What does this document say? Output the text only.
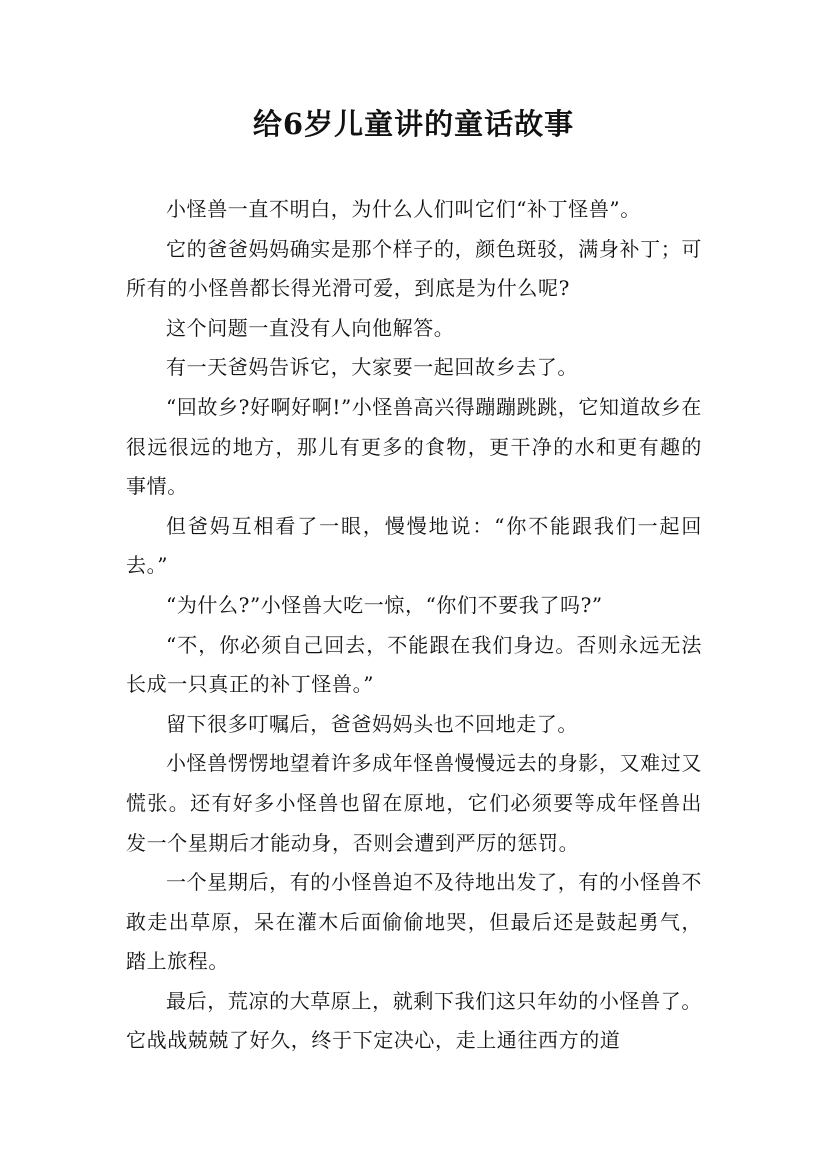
给6岁儿童讲的童话故事

小怪兽一直不明白，为什么人们叫它们“补丁怪兽”。

它的爸爸妈妈确实是那个样子的，颜色斑驳，满身补丁；可所有的小怪兽都长得光滑可爱，到底是为什么呢?

这个问题一直没有人向他解答。

有一天爸妈告诉它，大家要一起回故乡去了。

“回故乡?好啊好啊!”小怪兽高兴得蹦蹦跳跳，它知道故乡在很远很远的地方，那儿有更多的食物，更干净的水和更有趣的事情。

但爸妈互相看了一眼，慢慢地说：“你不能跟我们一起回去。”

“为什么?”小怪兽大吃一惊，“你们不要我了吗?”

“不，你必须自己回去，不能跟在我们身边。否则永远无法长成一只真正的补丁怪兽。”

留下很多叮嘱后，爸爸妈妈头也不回地走了。

小怪兽愣愣地望着许多成年怪兽慢慢远去的身影，又难过又慌张。还有好多小怪兽也留在原地，它们必须要等成年怪兽出发一个星期后才能动身，否则会遭到严厉的惩罚。

一个星期后，有的小怪兽迫不及待地出发了，有的小怪兽不敢走出草原，呆在灌木后面偷偷地哭，但最后还是鼓起勇气，踏上旅程。

最后，荒凉的大草原上，就剩下我们这只年幼的小怪兽了。它战战兢兢了好久，终于下定决心，走上通往西方的道
